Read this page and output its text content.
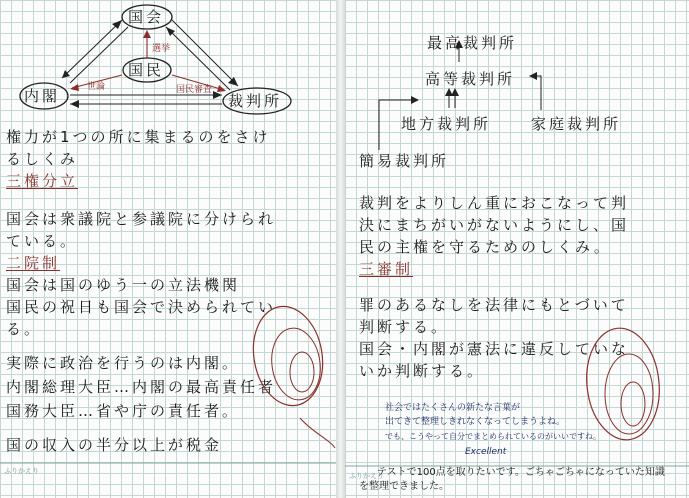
国会
国民
内閣	裁判所
選挙
世論	国民審査
権力が1つの所に集まるのをさけ
るしくみ
三権分立
国会は衆議院と参議院に分けられ
ている。
二院制
国会は国のゆう一の立法機関
国民の祝日も国会で決められてい
る。
実際に政治を行うのは内閣。
内閣総理大臣…内閣の最高責任者
国務大臣…省や庁の責任者。
国の収入の半分以上が税金
ふりかえり
最高裁判所
高等裁判所
地方裁判所	家庭裁判所
簡易裁判所
裁判をよりしん重におこなって判
決にまちがいがないようにし、国
民の主権を守るためのしくみ。
三審制
罪のあるなしを法律にもとづいて
判断する。
国会・内閣が憲法に違反していな
いか判断する。
社会ではたくさんの新たな言葉が
出てきて整理しきれなくなってしまうよね。
でも、こうやって自分でまとめられているのがいいですね。
Excellent
ふりかえり
テストで100点を取りたいです。ごちゃごちゃになっていた知識
を整理できました。
